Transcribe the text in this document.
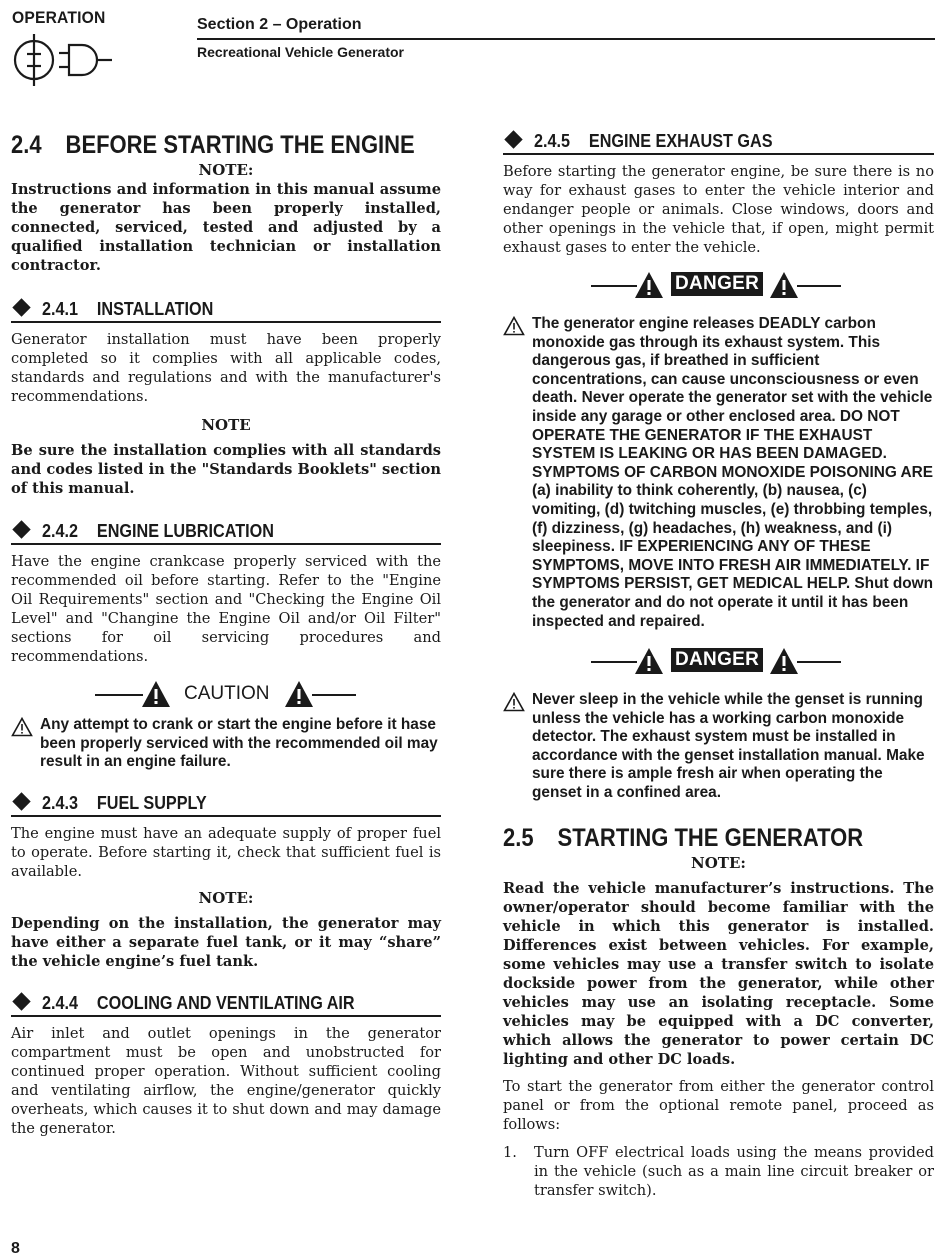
OPERATION	Section 2 – Operation
Recreational Vehicle Generator
2.4 BEFORE STARTING THE ENGINE

NOTE:

Instructions and information in this manual assume the generator has been properly installed, connected, serviced, tested and adjusted by a qualified installation technician or installation contractor.

2.4.1 INSTALLATION

Generator installation must have been properly completed so it complies with all applicable codes, standards and regulations and with the manufacturer's recommendations.

NOTE

Be sure the installation complies with all standards and codes listed in the "Standards Booklets" section of this manual.

2.4.2 ENGINE LUBRICATION

Have the engine crankcase properly serviced with the recommended oil before starting. Refer to the "Engine Oil Requirements" section and "Checking the Engine Oil Level" and "Changine the Engine Oil and/or Oil Filter" sections for oil servicing procedures and recommendations.

CAUTION

Any attempt to crank or start the engine before it hase been properly serviced with the recommended oil may result in an engine failure.

2.4.3 FUEL SUPPLY

The engine must have an adequate supply of proper fuel to operate. Before starting it, check that sufficient fuel is available.

NOTE:

Depending on the installation, the generator may have either a separate fuel tank, or it may “share” the vehicle engine’s fuel tank.

2.4.4 COOLING AND VENTILATING AIR

Air inlet and outlet openings in the generator compartment must be open and unobstructed for continued proper operation. Without sufficient cooling and ventilating airflow, the engine/generator quickly overheats, which causes it to shut down and may damage the generator.

2.4.5 ENGINE EXHAUST GAS

Before starting the generator engine, be sure there is no way for exhaust gases to enter the vehicle interior and endanger people or animals. Close windows, doors and other openings in the vehicle that, if open, might permit exhaust gases to enter the vehicle.

DANGER

The generator engine releases DEADLY carbon monoxide gas through its exhaust system. This dangerous gas, if breathed in sufficient concentrations, can cause unconsciousness or even death. Never operate the generator set with the vehicle inside any garage or other enclosed area. DO NOT OPERATE THE GENERATOR IF THE EXHAUST SYSTEM IS LEAKING OR HAS BEEN DAMAGED. SYMPTOMS OF CARBON MONOXIDE POISONING ARE (a) inability to think coherently, (b) nausea, (c) vomiting, (d) twitching muscles, (e) throbbing temples, (f) dizziness, (g) headaches, (h) weakness, and (i) sleepiness. IF EXPERIENCING ANY OF THESE SYMPTOMS, MOVE INTO FRESH AIR IMMEDIATELY. IF SYMPTOMS PERSIST, GET MEDICAL HELP. Shut down the generator and do not operate it until it has been inspected and repaired.

DANGER

Never sleep in the vehicle while the genset is running unless the vehicle has a working carbon monoxide detector. The exhaust system must be installed in accordance with the genset installation manual. Make sure there is ample fresh air when operating the genset in a confined area.

2.5 STARTING THE GENERATOR

NOTE:

Read the vehicle manufacturer’s instructions. The owner/operator should become familiar with the vehicle in which this generator is installed. Differences exist between vehicles. For example, some vehicles may use a transfer switch to isolate dockside power from the generator, while other vehicles may use an isolating receptacle. Some vehicles may be equipped with a DC converter, which allows the generator to power certain DC lighting and other DC loads.

To start the generator from either the generator control panel or from the optional remote panel, proceed as follows:

1. Turn OFF electrical loads using the means provided in the vehicle (such as a main line circuit breaker or transfer switch).
8
